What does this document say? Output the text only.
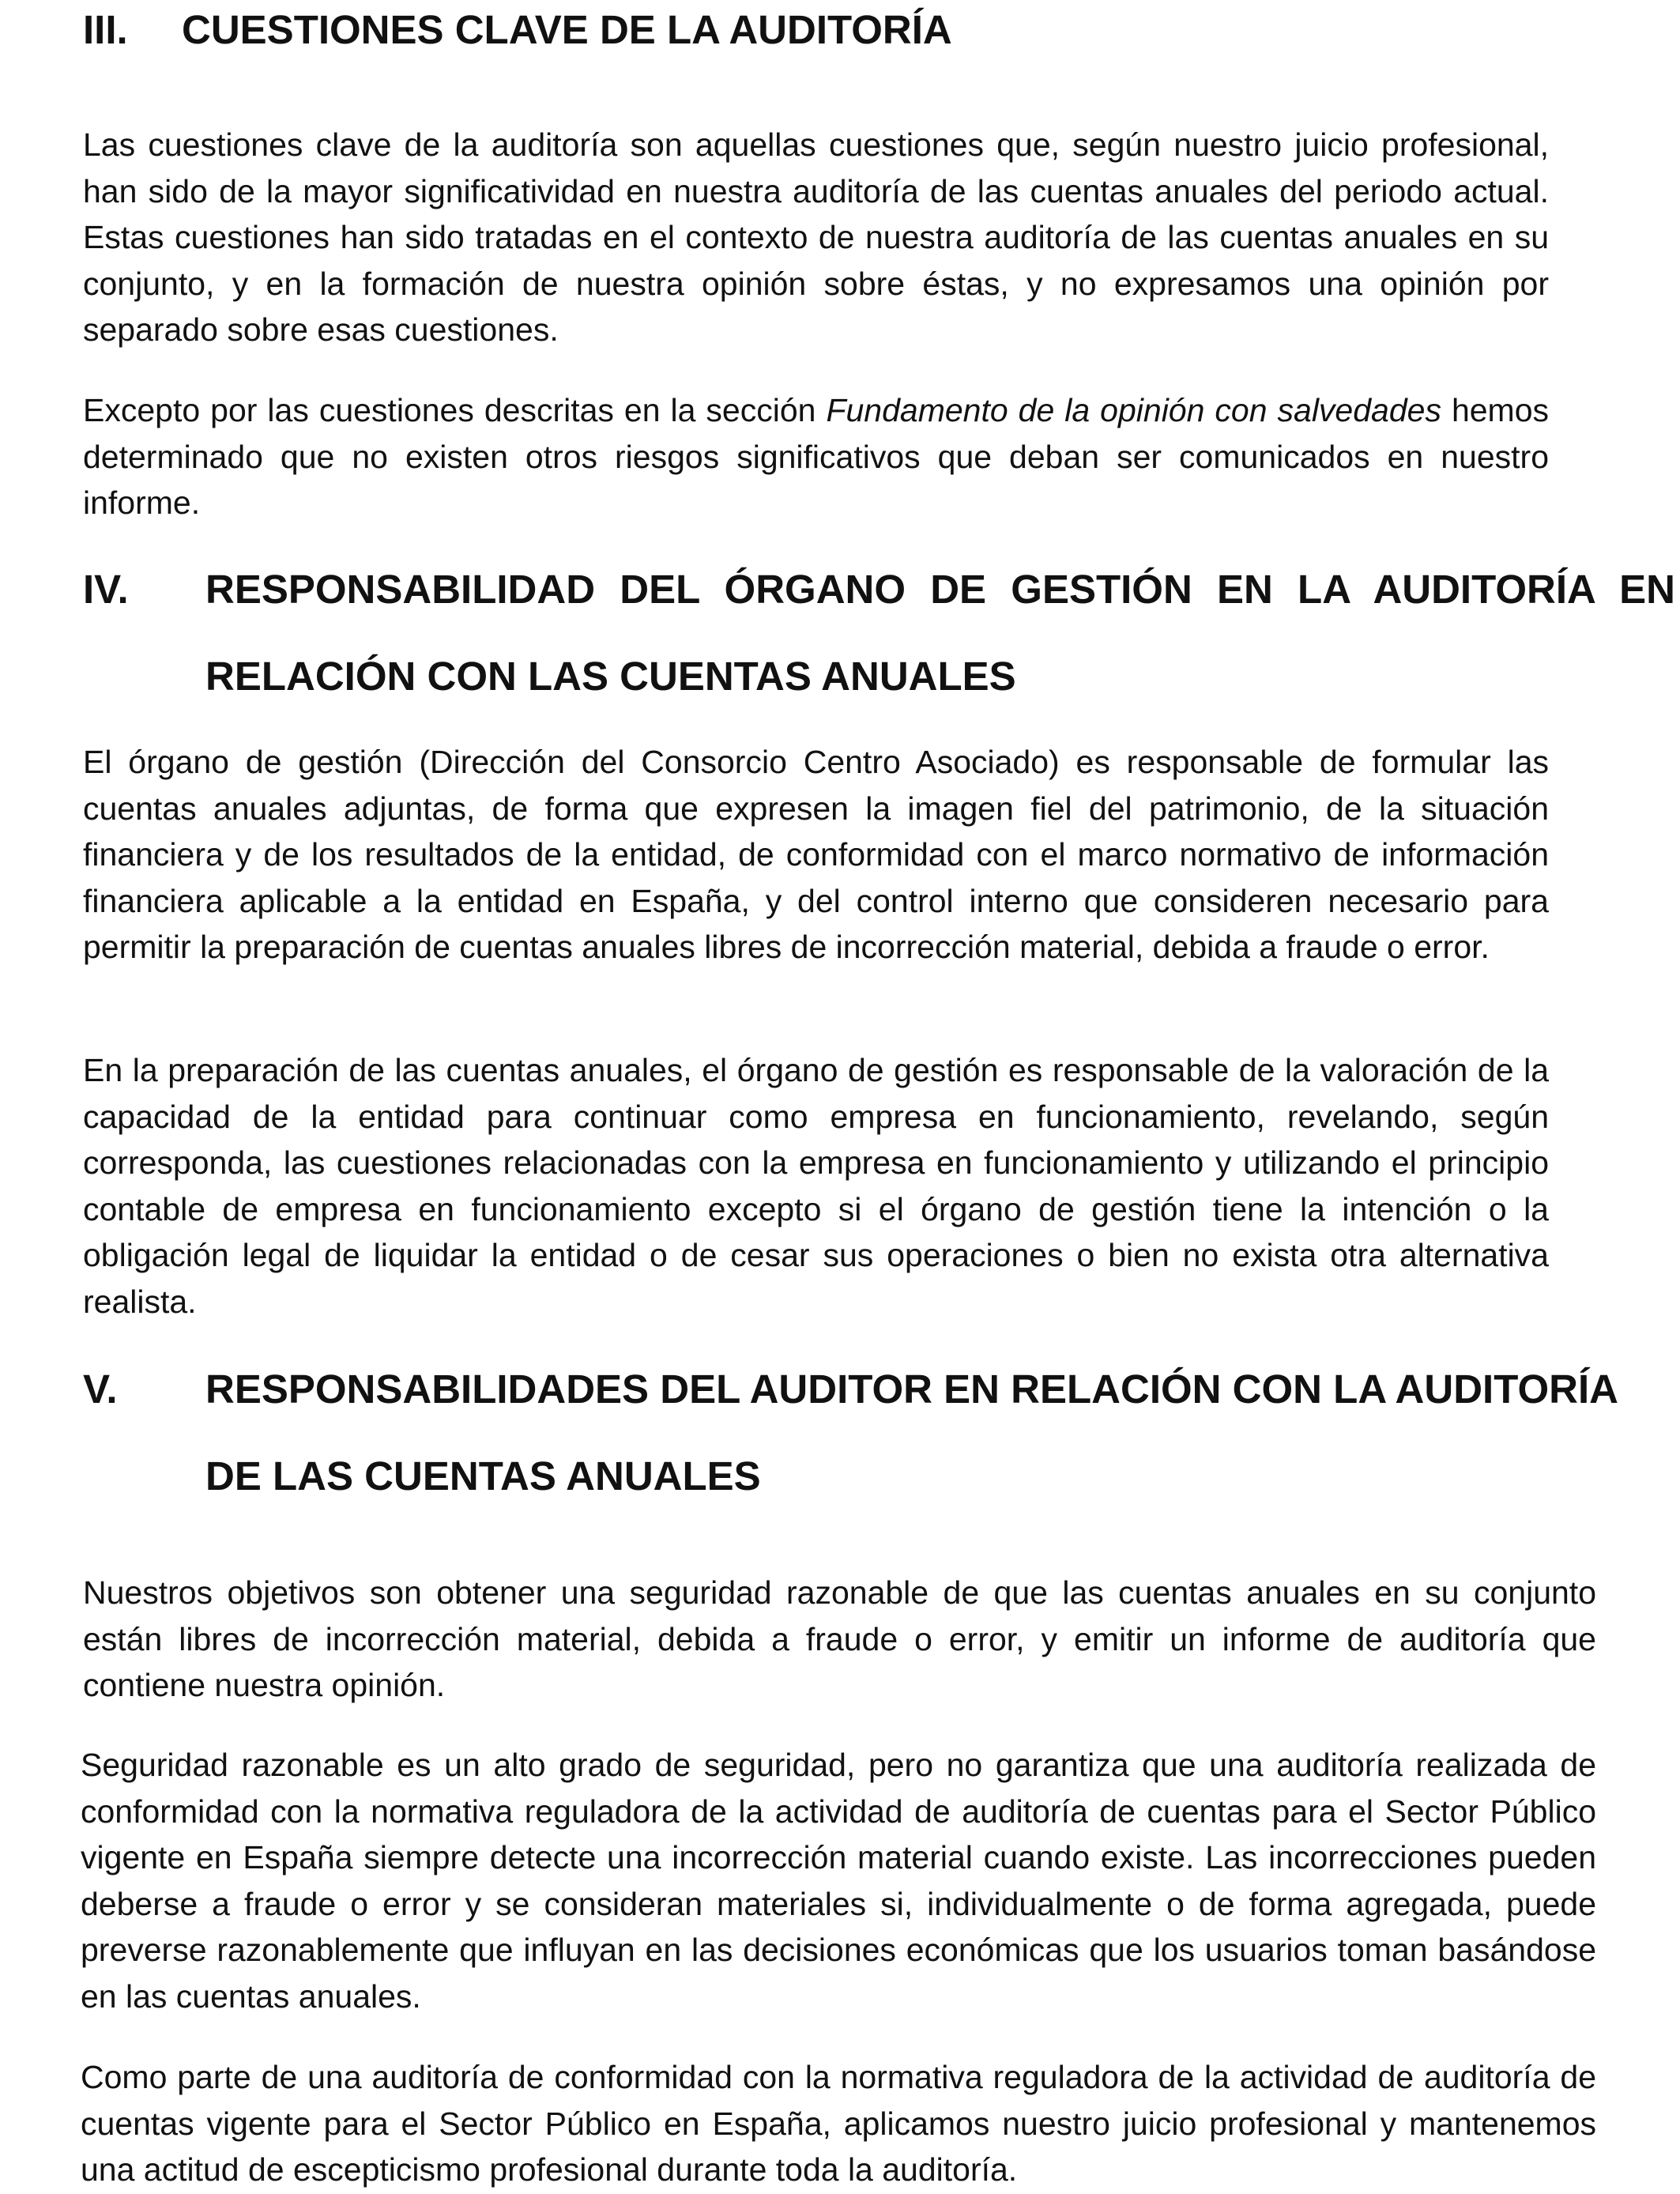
III. CUESTIONES CLAVE DE LA AUDITORÍA

Las cuestiones clave de la auditoría son aquellas cuestiones que, según nuestro juicio profesional, han sido de la mayor significatividad en nuestra auditoría de las cuentas anuales del periodo actual. Estas cuestiones han sido tratadas en el contexto de nuestra auditoría de las cuentas anuales en su conjunto, y en la formación de nuestra opinión sobre éstas, y no expresamos una opinión por separado sobre esas cuestiones.

Excepto por las cuestiones descritas en la sección Fundamento de la opinión con salvedades hemos determinado que no existen otros riesgos significativos que deban ser comunicados en nuestro informe.

IV. RESPONSABILIDAD DEL ÓRGANO DE GESTIÓN EN LA AUDITORÍA EN
RELACIÓN CON LAS CUENTAS ANUALES

El órgano de gestión (Dirección del Consorcio Centro Asociado) es responsable de formular las cuentas anuales adjuntas, de forma que expresen la imagen fiel del patrimonio, de la situación financiera y de los resultados de la entidad, de conformidad con el marco normativo de información financiera aplicable a la entidad en España, y del control interno que consideren necesario para permitir la preparación de cuentas anuales libres de incorrección material, debida a fraude o error.

En la preparación de las cuentas anuales, el órgano de gestión es responsable de la valoración de la capacidad de la entidad para continuar como empresa en funcionamiento, revelando, según corresponda, las cuestiones relacionadas con la empresa en funcionamiento y utilizando el principio contable de empresa en funcionamiento excepto si el órgano de gestión tiene la intención o la obligación legal de liquidar la entidad o de cesar sus operaciones o bien no exista otra alternativa realista.

V. RESPONSABILIDADES DEL AUDITOR EN RELACIÓN CON LA AUDITORÍA
DE LAS CUENTAS ANUALES

Nuestros objetivos son obtener una seguridad razonable de que las cuentas anuales en su conjunto están libres de incorrección material, debida a fraude o error, y emitir un informe de auditoría que contiene nuestra opinión.

Seguridad razonable es un alto grado de seguridad, pero no garantiza que una auditoría realizada de conformidad con la normativa reguladora de la actividad de auditoría de cuentas para el Sector Público vigente en España siempre detecte una incorrección material cuando existe. Las incorrecciones pueden deberse a fraude o error y se consideran materiales si, individualmente o de forma agregada, puede preverse razonablemente que influyan en las decisiones económicas que los usuarios toman basándose en las cuentas anuales.

Como parte de una auditoría de conformidad con la normativa reguladora de la actividad de auditoría de cuentas vigente para el Sector Público en España, aplicamos nuestro juicio profesional y mantenemos una actitud de escepticismo profesional durante toda la auditoría.
